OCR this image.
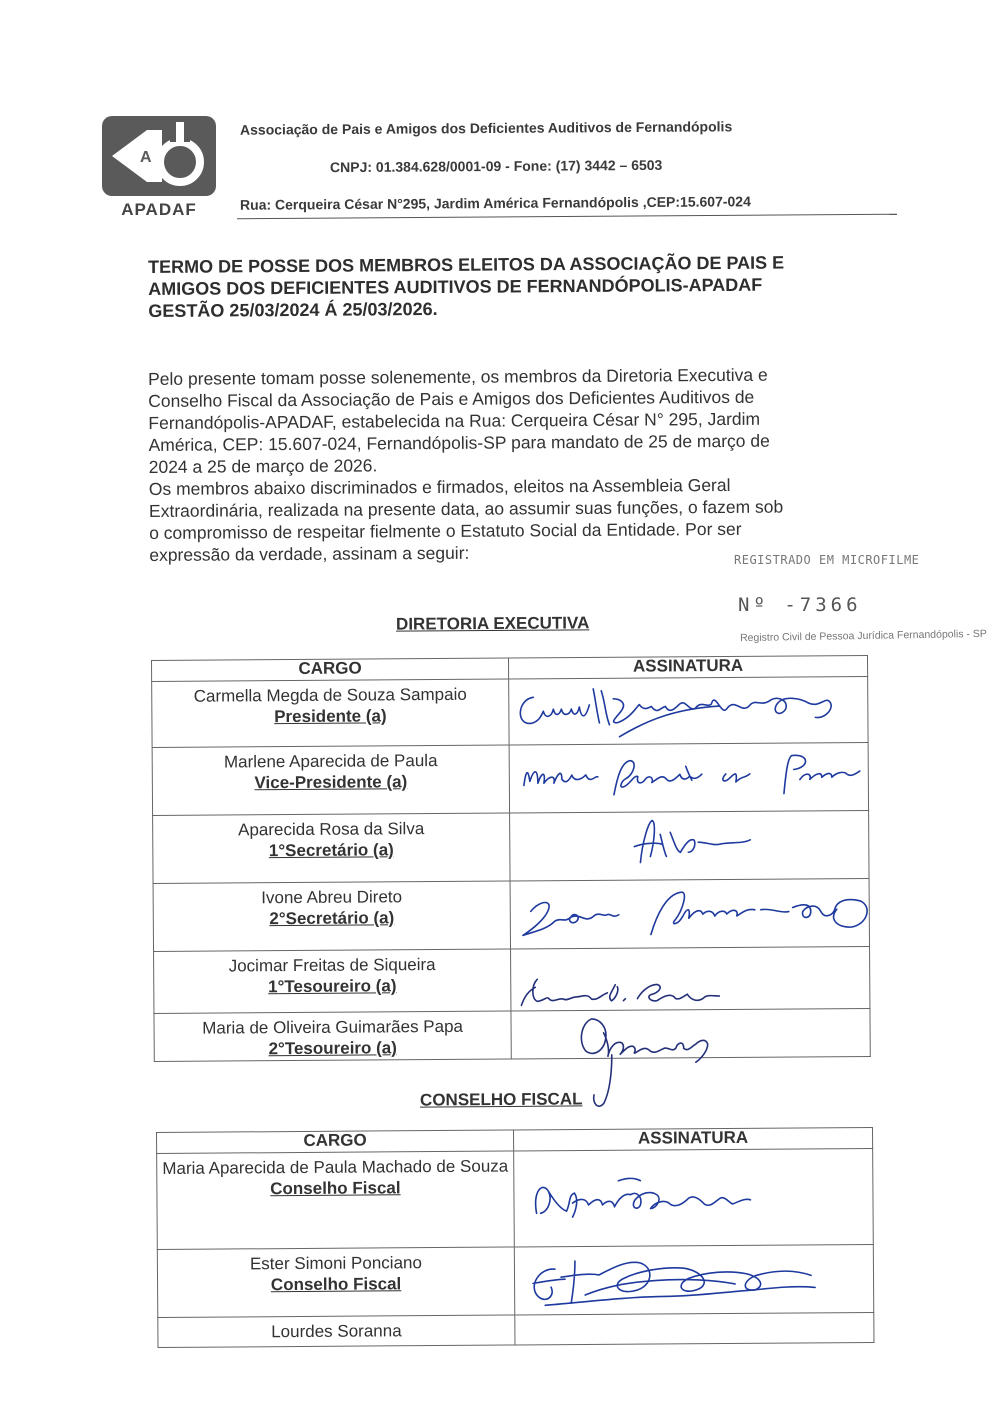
A
APADAF
Associação de Pais e Amigos dos Deficientes Auditivos de Fernandópolis
CNPJ: 01.384.628/0001-09 - Fone: (17) 3442 – 6503
Rua: Cerqueira César N°295, Jardim América Fernandópolis ,CEP:15.607-024
TERMO DE POSSE DOS MEMBROS ELEITOS DA ASSOCIAÇÃO DE PAIS E
AMIGOS DOS DEFICIENTES AUDITIVOS DE FERNANDÓPOLIS-APADAF
GESTÃO 25/03/2024 Á 25/03/2026.

Pelo presente tomam posse solenemente, os membros da Diretoria Executiva e

Conselho Fiscal da Associação de Pais e Amigos dos Deficientes Auditivos de

Fernandópolis-APADAF, estabelecida na Rua: Cerqueira César N° 295, Jardim

América, CEP: 15.607-024, Fernandópolis-SP para mandato de 25 de março de

2024 a 25 de março de 2026.

Os membros abaixo discriminados e firmados, eleitos na Assembleia Geral

Extraordinária, realizada na presente data, ao assumir suas funções, o fazem sob

o compromisso de respeitar fielmente o Estatuto Social da Entidade. Por ser

expressão da verdade, assinam a seguir:	REGISTRADO EM MICROFILME
Nº -7366
Registro Civil de Pessoa Jurídica Fernandópolis - SP
DIRETORIA EXECUTIVA
CARGO	ASSINATURA

Carmella Megda de Souza Sampaio
Presidente (a)

Marlene Aparecida de Paula
Vice-Presidente (a)

Aparecida Rosa da Silva
1°Secretário (a)

Ivone Abreu Direto
2°Secretário (a)

Jocimar Freitas de Siqueira
1°Tesoureiro (a)

Maria de Oliveira Guimarães Papa
2°Tesoureiro (a)

CONSELHO FISCAL
CARGO	ASSINATURA

Maria Aparecida de Paula Machado de Souza
Conselho Fiscal

Ester Simoni Ponciano
Conselho Fiscal

Lourdes Soranna	
